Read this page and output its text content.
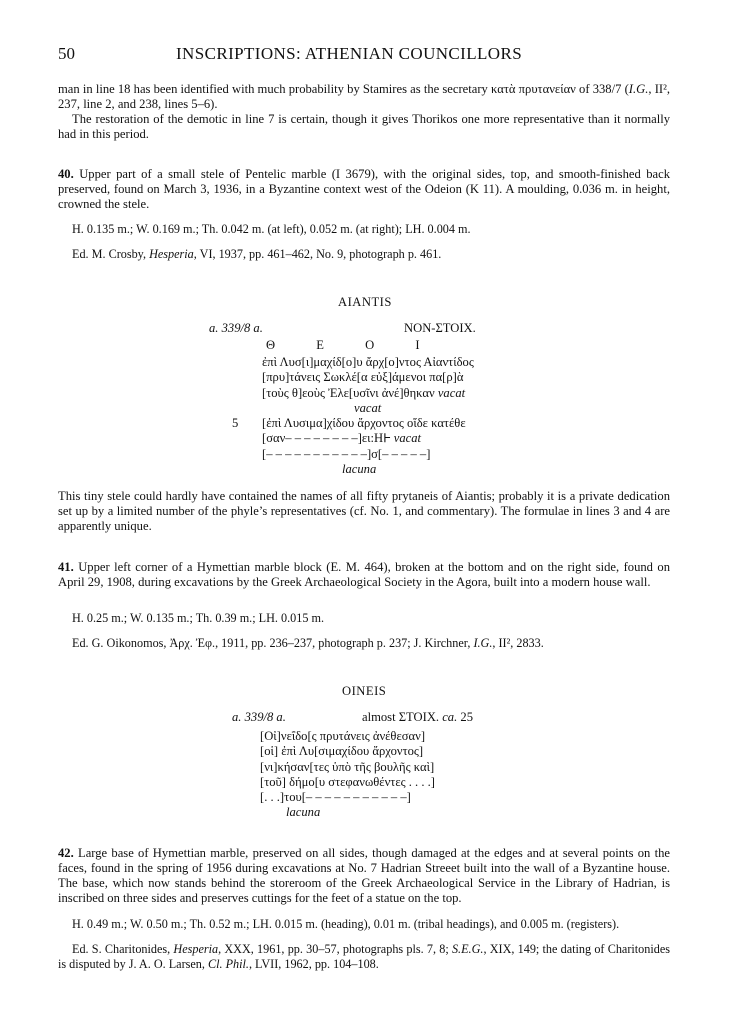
50	INSCRIPTIONS: ATHENIAN COUNCILLORS

man in line 18 has been identified with much probability by Stamires as the secretary κατὰ πρυτανείαν of 338/7 (I.G., II², 237, line 2, and 238, lines 5–6).

The restoration of the demotic in line 7 is certain, though it gives Thorikos one more representative than it normally had in this period.

40. Upper part of a small stele of Pentelic marble (I 3679), with the original sides, top, and smooth-finished back preserved, found on March 3, 1936, in a Byzantine context west of the Odeion (K 11). A moulding, 0.036 m. in height, crowned the stele.

H. 0.135 m.; W. 0.169 m.; Th. 0.042 m. (at left), 0.052 m. (at right); LH. 0.004 m.
Ed. M. Crosby, Hesperia, VI, 1937, pp. 461–462, No. 9, photograph p. 461.
AIANTIS
a. 339/8 a.	NON-ΣΤΟΙΧ.
Θ Ε Ο Ι
ἐπὶ Λυσ[ι]μαχίδ[ο]υ ἄρχ[ο]ντος Αἰαντίδος
[πρυ]τάνεις Σωκλέ[α εὐξ]άμενοι πα[ρ]ὰ
[τοὺς θ]εοὺς Ἐλε[υσῖνι ἀνέ]θηκαν vacat
vacat
[ἐπὶ Λυσιμα]χίδου ἄρχοντος οἵδε κατέθε
[σαν– – – – – – – –]ει:Η𐅂 vacat
[– – – – – – – – – – –]σ[– – – – –]
lacuna
5

This tiny stele could hardly have contained the names of all fifty prytaneis of Aiantis; probably it is a private dedication set up by a limited number of the phyle’s representatives (cf. No. 1, and commentary). The formulae in lines 3 and 4 are apparently unique.

41. Upper left corner of a Hymettian marble block (E. M. 464), broken at the bottom and on the right side, found on April 29, 1908, during excavations by the Greek Archaeological Society in the Agora, built into a modern house wall.

H. 0.25 m.; W. 0.135 m.; Th. 0.39 m.; LH. 0.015 m.
Ed. G. Oikonomos, Ἀρχ. Ἐφ., 1911, pp. 236–237, photograph p. 237; J. Kirchner, I.G., II², 2833.
OINEIS
a. 339/8 a.	almost ΣΤΟΙΧ. ca. 25
[Οἰ]νεΐδο[ς πρυτάνεις ἀνέθεσαν]
[οἱ] ἐπὶ Λυ[σιμαχίδου ἄρχοντος]
[νι]κήσαν[τες ὑπὸ τῆς βουλῆς καὶ]
[τοῦ] δήμο[υ στεφανωθέντες . . . .]
[. . .]του[– – – – – – – – – – –]
lacuna

42. Large base of Hymettian marble, preserved on all sides, though damaged at the edges and at several points on the faces, found in the spring of 1956 during excavations at No. 7 Hadrian Streeet built into the wall of a Byzantine house. The base, which now stands behind the storeroom of the Greek Archaeological Service in the Library of Hadrian, is inscribed on three sides and preserves cuttings for the feet of a statue on the top.

H. 0.49 m.; W. 0.50 m.; Th. 0.52 m.; LH. 0.015 m. (heading), 0.01 m. (tribal headings), and 0.005 m. (registers).

Ed. S. Charitonides, Hesperia, XXX, 1961, pp. 30–57, photographs pls. 7, 8; S.E.G., XIX, 149; the dating of Charitonides is disputed by J. A. O. Larsen, Cl. Phil., LVII, 1962, pp. 104–108.
